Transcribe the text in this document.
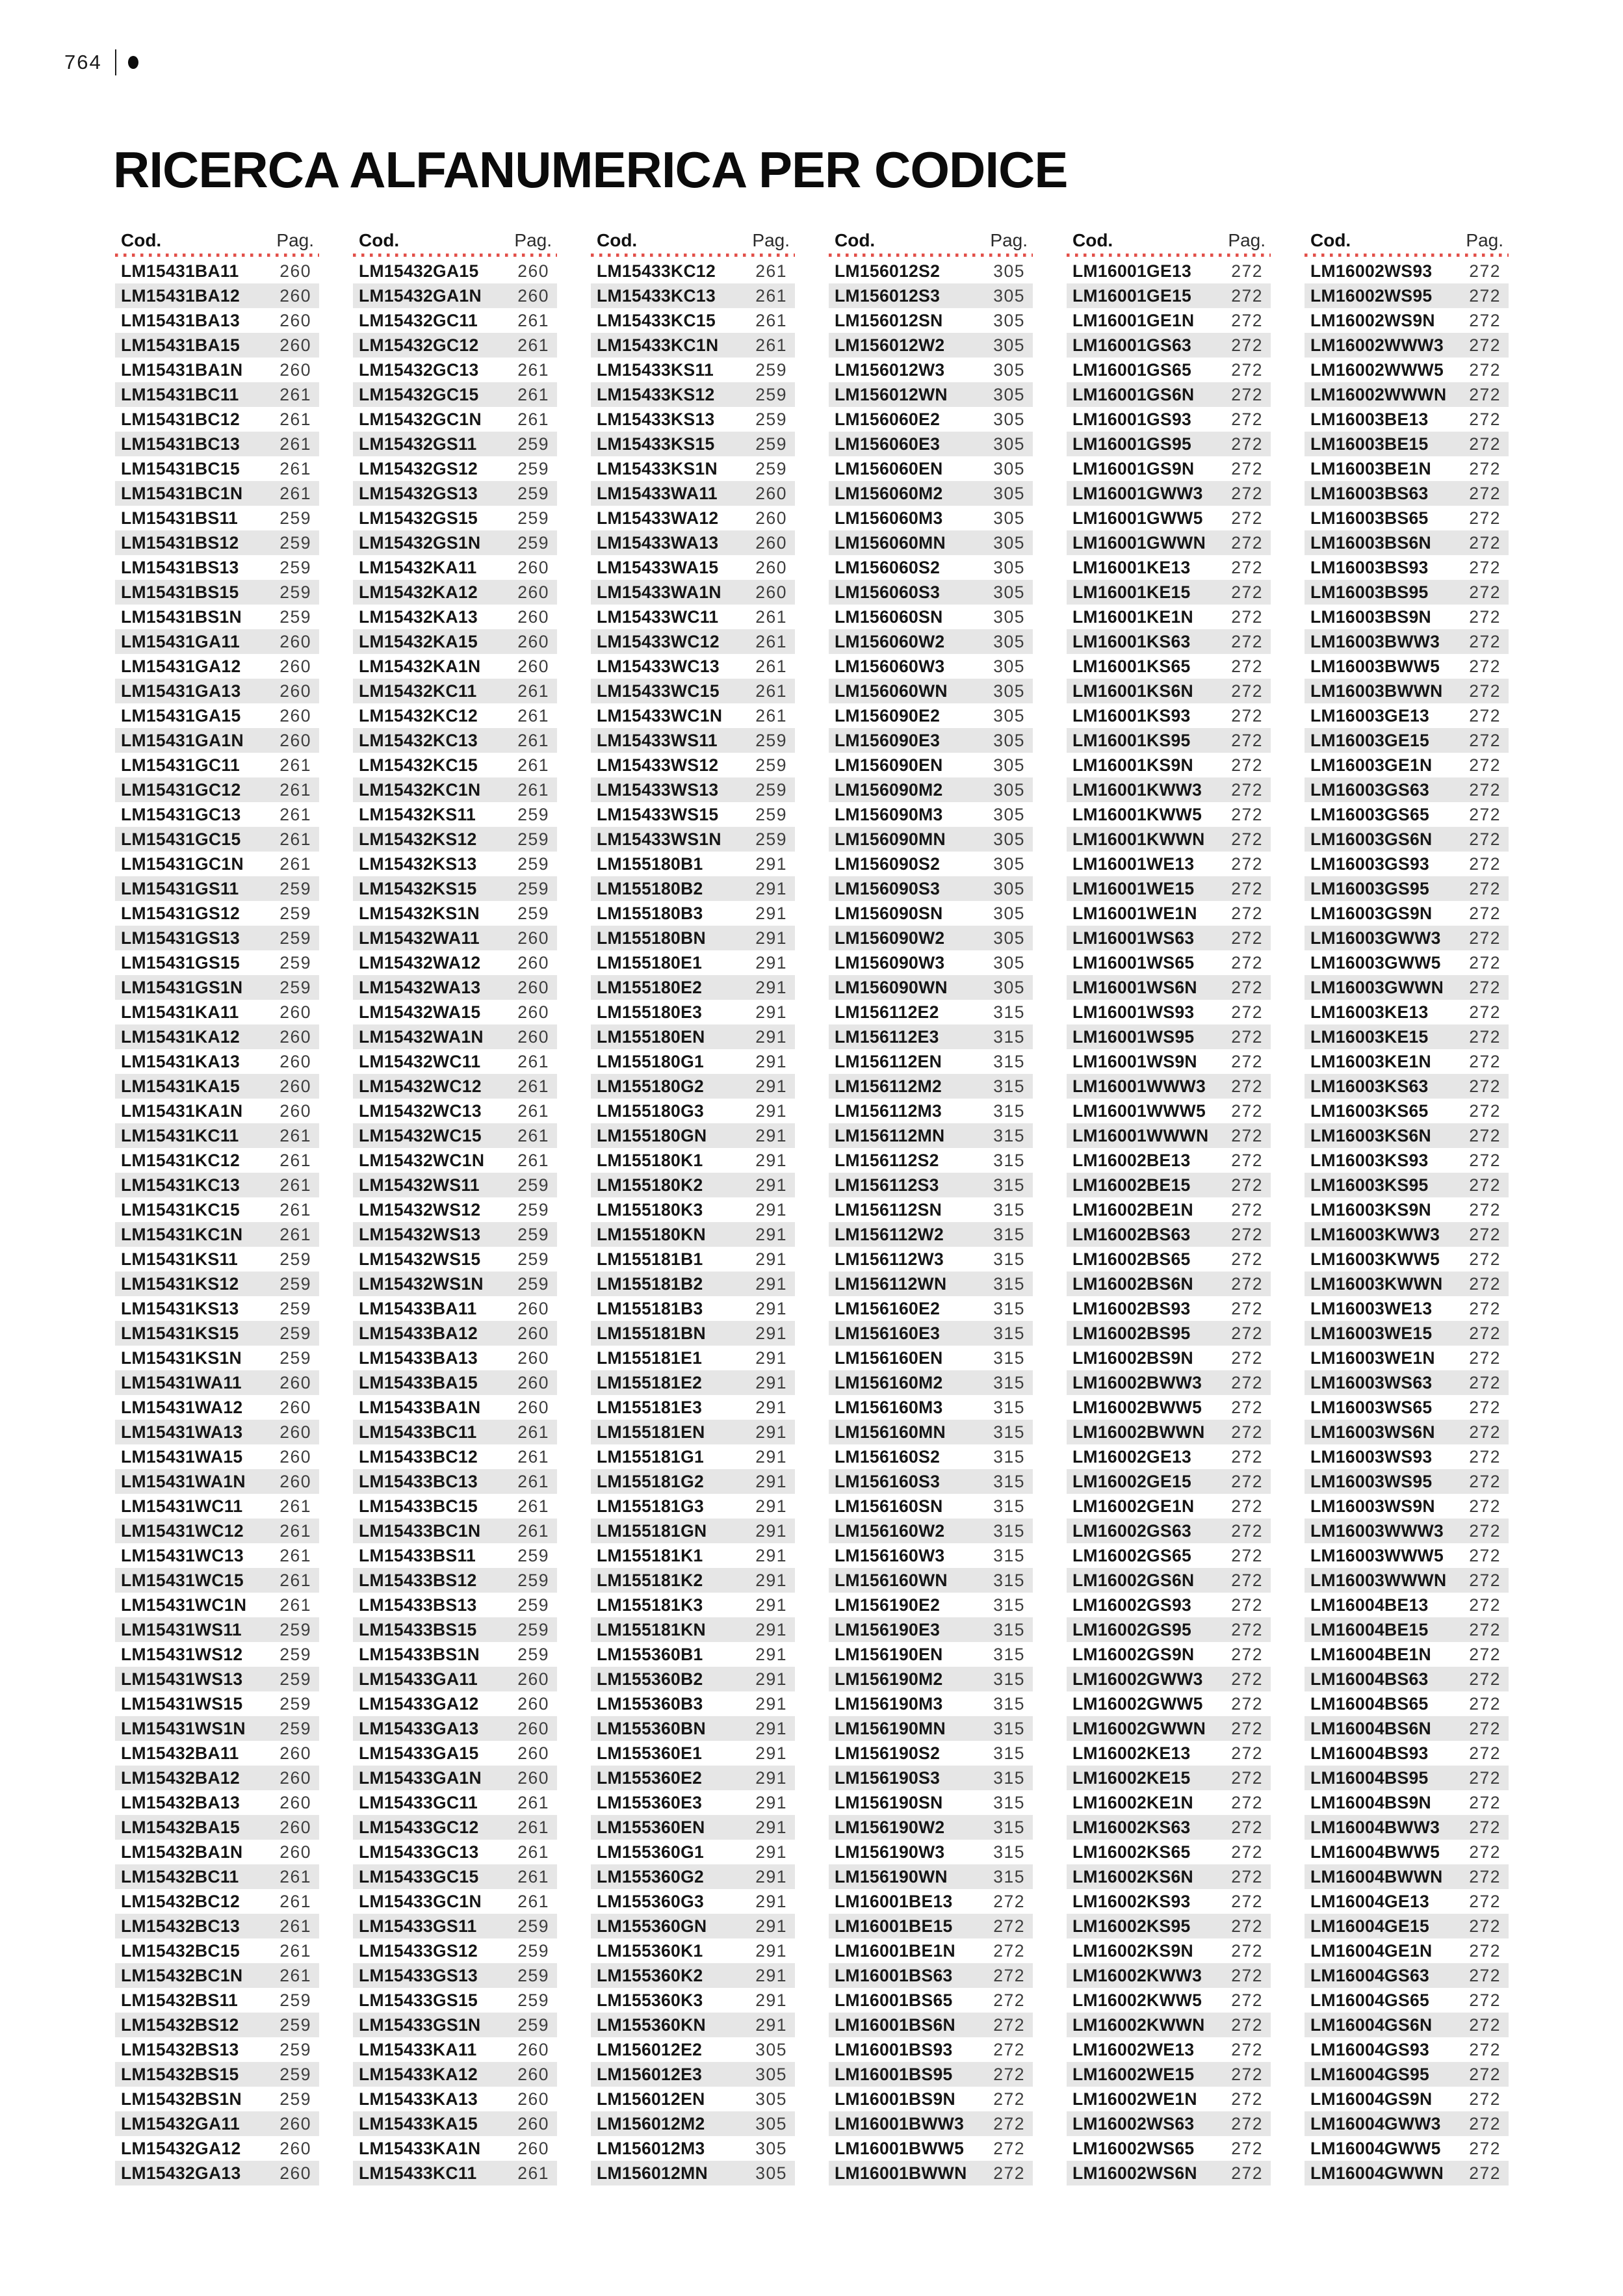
764
RICERCA ALFANUMERICA PER CODICE
Cod.	Pag.
LM15431BA11 260
LM15431BA12 260
LM15431BA13 260
LM15431BA15 260
LM15431BA1N 260
LM15431BC11 261
LM15431BC12 261
LM15431BC13 261
LM15431BC15 261
LM15431BC1N 261
LM15431BS11 259
LM15431BS12 259
LM15431BS13 259
LM15431BS15 259
LM15431BS1N 259
LM15431GA11 260
LM15431GA12 260
LM15431GA13 260
LM15431GA15 260
LM15431GA1N 260
LM15431GC11 261
LM15431GC12 261
LM15431GC13 261
LM15431GC15 261
LM15431GC1N 261
LM15431GS11 259
LM15431GS12 259
LM15431GS13 259
LM15431GS15 259
LM15431GS1N 259
LM15431KA11 260
LM15431KA12 260
LM15431KA13 260
LM15431KA15 260
LM15431KA1N 260
LM15431KC11 261
LM15431KC12 261
LM15431KC13 261
LM15431KC15 261
LM15431KC1N 261
LM15431KS11 259
LM15431KS12 259
LM15431KS13 259
LM15431KS15 259
LM15431KS1N 259
LM15431WA11 260
LM15431WA12 260
LM15431WA13 260
LM15431WA15 260
LM15431WA1N 260
LM15431WC11 261
LM15431WC12 261
LM15431WC13 261
LM15431WC15 261
LM15431WC1N 261
LM15431WS11 259
LM15431WS12 259
LM15431WS13 259
LM15431WS15 259
LM15431WS1N 259
LM15432BA11 260
LM15432BA12 260
LM15432BA13 260
LM15432BA15 260
LM15432BA1N 260
LM15432BC11 261
LM15432BC12 261
LM15432BC13 261
LM15432BC15 261
LM15432BC1N 261
LM15432BS11 259
LM15432BS12 259
LM15432BS13 259
LM15432BS15 259
LM15432BS1N 259
LM15432GA11 260
LM15432GA12 260
LM15432GA13 260
Cod.	Pag.
LM15432GA15 260
LM15432GA1N 260
LM15432GC11 261
LM15432GC12 261
LM15432GC13 261
LM15432GC15 261
LM15432GC1N 261
LM15432GS11 259
LM15432GS12 259
LM15432GS13 259
LM15432GS15 259
LM15432GS1N 259
LM15432KA11 260
LM15432KA12 260
LM15432KA13 260
LM15432KA15 260
LM15432KA1N 260
LM15432KC11 261
LM15432KC12 261
LM15432KC13 261
LM15432KC15 261
LM15432KC1N 261
LM15432KS11 259
LM15432KS12 259
LM15432KS13 259
LM15432KS15 259
LM15432KS1N 259
LM15432WA11 260
LM15432WA12 260
LM15432WA13 260
LM15432WA15 260
LM15432WA1N 260
LM15432WC11 261
LM15432WC12 261
LM15432WC13 261
LM15432WC15 261
LM15432WC1N 261
LM15432WS11 259
LM15432WS12 259
LM15432WS13 259
LM15432WS15 259
LM15432WS1N 259
LM15433BA11 260
LM15433BA12 260
LM15433BA13 260
LM15433BA15 260
LM15433BA1N 260
LM15433BC11 261
LM15433BC12 261
LM15433BC13 261
LM15433BC15 261
LM15433BC1N 261
LM15433BS11 259
LM15433BS12 259
LM15433BS13 259
LM15433BS15 259
LM15433BS1N 259
LM15433GA11 260
LM15433GA12 260
LM15433GA13 260
LM15433GA15 260
LM15433GA1N 260
LM15433GC11 261
LM15433GC12 261
LM15433GC13 261
LM15433GC15 261
LM15433GC1N 261
LM15433GS11 259
LM15433GS12 259
LM15433GS13 259
LM15433GS15 259
LM15433GS1N 259
LM15433KA11 260
LM15433KA12 260
LM15433KA13 260
LM15433KA15 260
LM15433KA1N 260
LM15433KC11 261
Cod.	Pag.
LM15433KC12 261
LM15433KC13 261
LM15433KC15 261
LM15433KC1N 261
LM15433KS11 259
LM15433KS12 259
LM15433KS13 259
LM15433KS15 259
LM15433KS1N 259
LM15433WA11 260
LM15433WA12 260
LM15433WA13 260
LM15433WA15 260
LM15433WA1N 260
LM15433WC11 261
LM15433WC12 261
LM15433WC13 261
LM15433WC15 261
LM15433WC1N 261
LM15433WS11 259
LM15433WS12 259
LM15433WS13 259
LM15433WS15 259
LM15433WS1N 259
LM155180B1	291
LM155180B2	291
LM155180B3	291
LM155180BN	291
LM155180E1	291
LM155180E2	291
LM155180E3	291
LM155180EN	291
LM155180G1	291
LM155180G2	291
LM155180G3	291
LM155180GN	291
LM155180K1	291
LM155180K2	291
LM155180K3	291
LM155180KN	291
LM155181B1	291
LM155181B2	291
LM155181B3	291
LM155181BN	291
LM155181E1	291
LM155181E2	291
LM155181E3	291
LM155181EN	291
LM155181G1	291
LM155181G2	291
LM155181G3	291
LM155181GN	291
LM155181K1	291
LM155181K2	291
LM155181K3	291
LM155181KN	291
LM155360B1	291
LM155360B2	291
LM155360B3	291
LM155360BN	291
LM155360E1	291
LM155360E2	291
LM155360E3	291
LM155360EN	291
LM155360G1	291
LM155360G2	291
LM155360G3	291
LM155360GN	291
LM155360K1	291
LM155360K2	291
LM155360K3	291
LM155360KN	291
LM156012E2	305
LM156012E3	305
LM156012EN	305
LM156012M2	305
LM156012M3	305
LM156012MN	305
Cod.	Pag.
LM156012S2	305
LM156012S3	305
LM156012SN	305
LM156012W2	305
LM156012W3	305
LM156012WN	305
LM156060E2	305
LM156060E3	305
LM156060EN	305
LM156060M2	305
LM156060M3	305
LM156060MN	305
LM156060S2	305
LM156060S3	305
LM156060SN	305
LM156060W2	305
LM156060W3	305
LM156060WN	305
LM156090E2	305
LM156090E3	305
LM156090EN	305
LM156090M2	305
LM156090M3	305
LM156090MN	305
LM156090S2	305
LM156090S3	305
LM156090SN	305
LM156090W2	305
LM156090W3	305
LM156090WN	305
LM156112E2	315
LM156112E3	315
LM156112EN	315
LM156112M2	315
LM156112M3	315
LM156112MN	315
LM156112S2	315
LM156112S3	315
LM156112SN	315
LM156112W2	315
LM156112W3	315
LM156112WN	315
LM156160E2	315
LM156160E3	315
LM156160EN	315
LM156160M2	315
LM156160M3	315
LM156160MN	315
LM156160S2	315
LM156160S3	315
LM156160SN	315
LM156160W2	315
LM156160W3	315
LM156160WN	315
LM156190E2	315
LM156190E3	315
LM156190EN	315
LM156190M2	315
LM156190M3	315
LM156190MN	315
LM156190S2	315
LM156190S3	315
LM156190SN	315
LM156190W2	315
LM156190W3	315
LM156190WN	315
LM16001BE13 272
LM16001BE15 272
LM16001BE1N 272
LM16001BS63 272
LM16001BS65 272
LM16001BS6N 272
LM16001BS93 272
LM16001BS95 272
LM16001BS9N 272
LM16001BWW3 272
LM16001BWW5 272
LM16001BWWN 272
Cod.	Pag.
LM16001GE13 272
LM16001GE15 272
LM16001GE1N 272
LM16001GS63 272
LM16001GS65 272
LM16001GS6N 272
LM16001GS93 272
LM16001GS95 272
LM16001GS9N 272
LM16001GWW3 272
LM16001GWW5 272
LM16001GWWN 272
LM16001KE13 272
LM16001KE15 272
LM16001KE1N 272
LM16001KS63 272
LM16001KS65 272
LM16001KS6N 272
LM16001KS93 272
LM16001KS95 272
LM16001KS9N 272
LM16001KWW3 272
LM16001KWW5 272
LM16001KWWN 272
LM16001WE13 272
LM16001WE15 272
LM16001WE1N 272
LM16001WS63 272
LM16001WS65 272
LM16001WS6N 272
LM16001WS93 272
LM16001WS95 272
LM16001WS9N 272
LM16001WWW3 272
LM16001WWW5 272
LM16001WWWN 272
LM16002BE13 272
LM16002BE15 272
LM16002BE1N 272
LM16002BS63 272
LM16002BS65 272
LM16002BS6N 272
LM16002BS93 272
LM16002BS95 272
LM16002BS9N 272
LM16002BWW3 272
LM16002BWW5 272
LM16002BWWN 272
LM16002GE13 272
LM16002GE15 272
LM16002GE1N 272
LM16002GS63 272
LM16002GS65 272
LM16002GS6N 272
LM16002GS93 272
LM16002GS95 272
LM16002GS9N 272
LM16002GWW3 272
LM16002GWW5 272
LM16002GWWN 272
LM16002KE13 272
LM16002KE15 272
LM16002KE1N 272
LM16002KS63 272
LM16002KS65 272
LM16002KS6N 272
LM16002KS93 272
LM16002KS95 272
LM16002KS9N 272
LM16002KWW3 272
LM16002KWW5 272
LM16002KWWN 272
LM16002WE13 272
LM16002WE15 272
LM16002WE1N 272
LM16002WS63 272
LM16002WS65 272
LM16002WS6N 272
Cod.	Pag.
LM16002WS93 272
LM16002WS95 272
LM16002WS9N 272
LM16002WWW3 272
LM16002WWW5 272
LM16002WWWN 272
LM16003BE13 272
LM16003BE15 272
LM16003BE1N 272
LM16003BS63 272
LM16003BS65 272
LM16003BS6N 272
LM16003BS93 272
LM16003BS95 272
LM16003BS9N 272
LM16003BWW3 272
LM16003BWW5 272
LM16003BWWN 272
LM16003GE13 272
LM16003GE15 272
LM16003GE1N 272
LM16003GS63 272
LM16003GS65 272
LM16003GS6N 272
LM16003GS93 272
LM16003GS95 272
LM16003GS9N 272
LM16003GWW3 272
LM16003GWW5 272
LM16003GWWN 272
LM16003KE13 272
LM16003KE15 272
LM16003KE1N 272
LM16003KS63 272
LM16003KS65 272
LM16003KS6N 272
LM16003KS93 272
LM16003KS95 272
LM16003KS9N 272
LM16003KWW3 272
LM16003KWW5 272
LM16003KWWN 272
LM16003WE13 272
LM16003WE15 272
LM16003WE1N 272
LM16003WS63 272
LM16003WS65 272
LM16003WS6N 272
LM16003WS93 272
LM16003WS95 272
LM16003WS9N 272
LM16003WWW3 272
LM16003WWW5 272
LM16003WWWN 272
LM16004BE13 272
LM16004BE15 272
LM16004BE1N 272
LM16004BS63 272
LM16004BS65 272
LM16004BS6N 272
LM16004BS93 272
LM16004BS95 272
LM16004BS9N 272
LM16004BWW3 272
LM16004BWW5 272
LM16004BWWN 272
LM16004GE13 272
LM16004GE15 272
LM16004GE1N 272
LM16004GS63 272
LM16004GS65 272
LM16004GS6N 272
LM16004GS93 272
LM16004GS95 272
LM16004GS9N 272
LM16004GWW3 272
LM16004GWW5 272
LM16004GWWN 272
